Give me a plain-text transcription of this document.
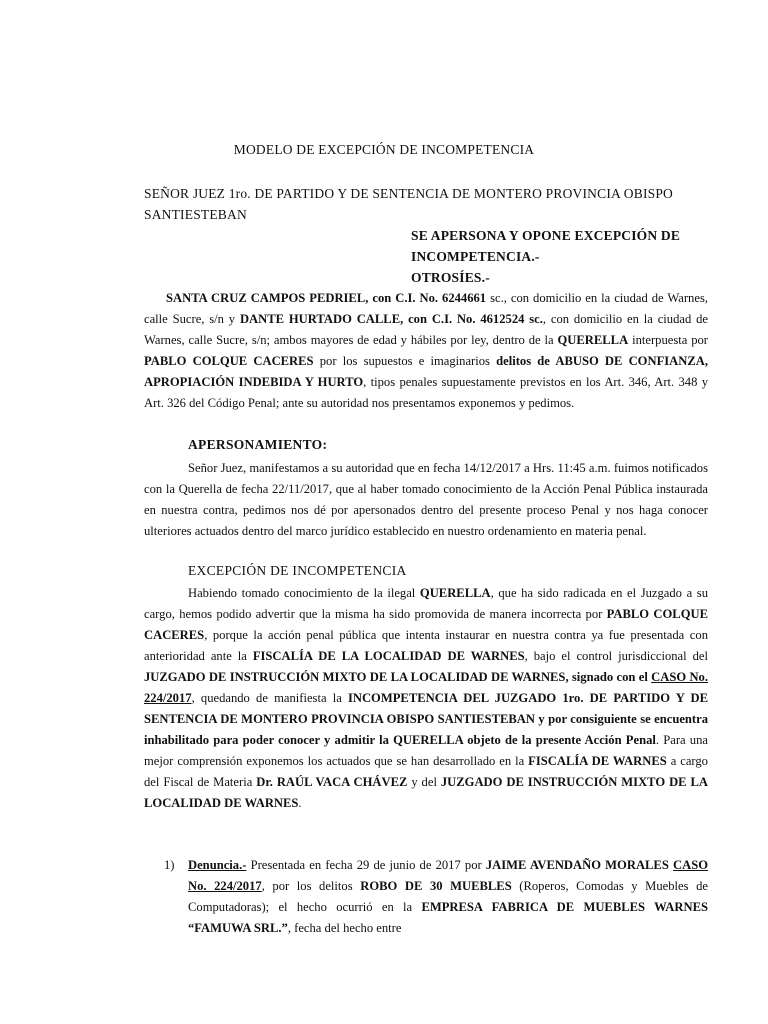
MODELO DE EXCEPCIÓN DE INCOMPETENCIA
SEÑOR JUEZ 1ro. DE PARTIDO Y DE SENTENCIA DE MONTERO PROVINCIA OBISPO SANTIESTEBAN
SE APERSONA Y OPONE EXCEPCIÓN DE INCOMPETENCIA.-
OTROSÍES.-
SANTA CRUZ CAMPOS PEDRIEL, con C.I. No. 6244661 sc., con domicilio en la ciudad de Warnes, calle Sucre, s/n y DANTE HURTADO CALLE, con C.I. No. 4612524 sc., con domicilio en la ciudad de Warnes, calle Sucre, s/n; ambos mayores de edad y hábiles por ley, dentro de la QUERELLA interpuesta por PABLO COLQUE CACERES por los supuestos e imaginarios delitos de ABUSO DE CONFIANZA, APROPIACIÓN INDEBIDA Y HURTO, tipos penales supuestamente previstos en los Art. 346, Art. 348 y Art. 326 del Código Penal; ante su autoridad nos presentamos exponemos y pedimos.
APERSONAMIENTO:
Señor Juez, manifestamos a su autoridad que en fecha 14/12/2017 a Hrs. 11:45 a.m. fuimos notificados con la Querella de fecha 22/11/2017, que al haber tomado conocimiento de la Acción Penal Pública instaurada en nuestra contra, pedimos nos dé por apersonados dentro del presente proceso Penal y nos haga conocer ulteriores actuados dentro del marco jurídico establecido en nuestro ordenamiento en materia penal.
EXCEPCIÓN DE INCOMPETENCIA
Habiendo tomado conocimiento de la ilegal QUERELLA, que ha sido radicada en el Juzgado a su cargo, hemos podido advertir que la misma ha sido promovida de manera incorrecta por PABLO COLQUE CACERES, porque la acción penal pública que intenta instaurar en nuestra contra ya fue presentada con anterioridad ante la FISCALÍA DE LA LOCALIDAD DE WARNES, bajo el control jurisdiccional del JUZGADO DE INSTRUCCIÓN MIXTO DE LA LOCALIDAD DE WARNES, signado con el CASO No. 224/2017, quedando de manifiesta la INCOMPETENCIA DEL JUZGADO 1ro. DE PARTIDO Y DE SENTENCIA DE MONTERO PROVINCIA OBISPO SANTIESTEBAN y por consiguiente se encuentra inhabilitado para poder conocer y admitir la QUERELLA objeto de la presente Acción Penal. Para una mejor comprensión exponemos los actuados que se han desarrollado en la FISCALÍA DE WARNES a cargo del Fiscal de Materia Dr. RAÚL VACA CHÁVEZ y del JUZGADO DE INSTRUCCIÓN MIXTO DE LA LOCALIDAD DE WARNES.
1)	Denuncia.- Presentada en fecha 29 de junio de 2017 por JAIME AVENDAÑO MORALES CASO No. 224/2017, por los delitos ROBO DE 30 MUEBLES (Roperos, Comodas y Muebles de Computadoras); el hecho ocurrió en la EMPRESA FABRICA DE MUEBLES WARNES “FAMUWA SRL.”, fecha del hecho entre
